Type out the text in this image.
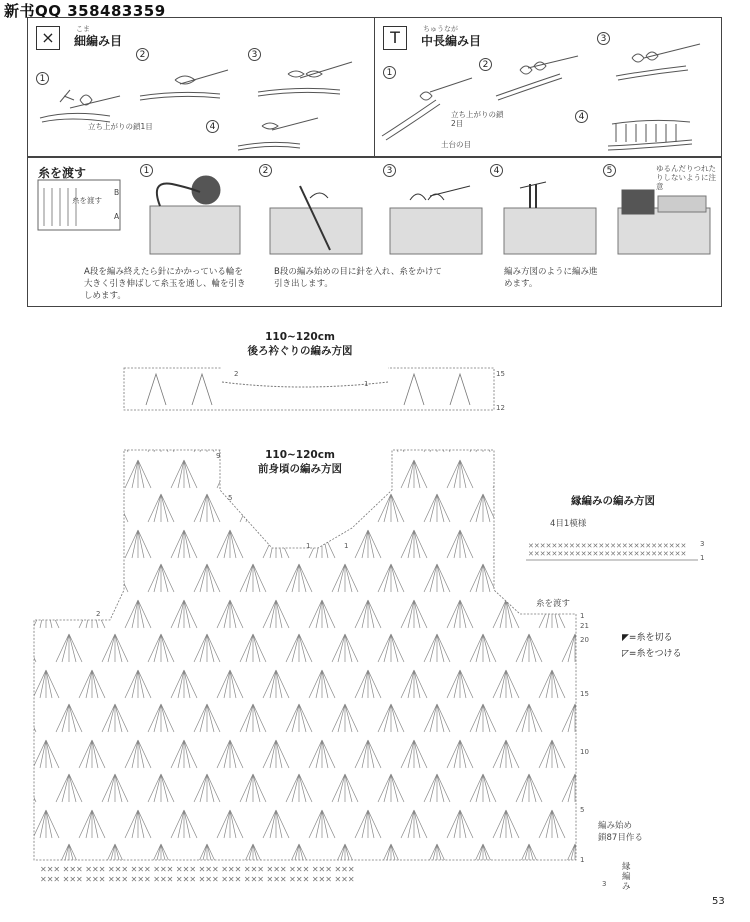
新书QQ 358483359
×	こま
細編み目
1
2	3
4
立ち上がりの鎖1目
T	ちゅうなが
中長編み目
1
2
3
4
立ち上がりの鎖2目
土台の目
糸を渡す	1	2	3	4	5	ゆるんだりつれたりしないように注意
糸を渡す
B
A
A段を編み終えたら針にかかっている輪を大きく引き伸ばして糸玉を通し、輪を引きしめます。
B段の編み始めの目に針を入れ、糸をかけて引き出します。
編み方図のように編み進めます。
110~120cm
後ろ衿ぐりの編み方図
15
12
2
1
110~120cm
前身頃の編み方図
✕✕✕ ✕✕✕ ✕✕✕ ✕✕✕ ✕✕✕ ✕✕✕ ✕✕✕ ✕✕✕ ✕✕✕ ✕✕✕ ✕✕✕ ✕✕✕ ✕✕✕ ✕✕✕
✕✕✕ ✕✕✕ ✕✕✕ ✕✕✕ ✕✕✕ ✕✕✕ ✕✕✕ ✕✕✕ ✕✕✕ ✕✕✕ ✕✕✕ ✕✕✕ ✕✕✕ ✕✕✕
9
5
1
1
21
20
15
10
5
1
3
2
1
糸を渡す
編み始め
鎖87目作る
縁編み
縁編みの編み方図
4目1模様
✕✕✕✕✕✕✕✕✕✕✕✕✕✕✕✕✕✕✕✕✕✕✕✕✕✕✕
✕✕✕✕✕✕✕✕✕✕✕✕✕✕✕✕✕✕✕✕✕✕✕✕✕✕✕
3
1
◤=糸を切る
◸=糸をつける
53
